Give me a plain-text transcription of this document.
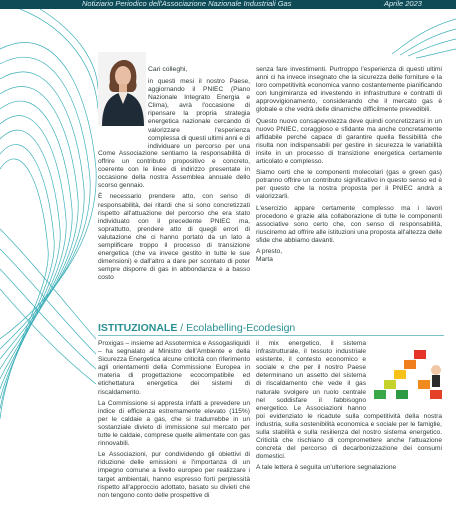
Notiziario Periodico dell'Associazione Nazionale Industriali Gas	Aprile 2023
Cari colleghi,

in questi mesi il nostro Paese, aggiornando il PNIEC (Piano Nazionale Integrato Energia e Clima), avrà l'occasione di ripensare la propria strategia energetica nazionale cercando di valorizzare l'esperienza complessa di questi ultimi anni e di individuare un percorso per una

Come Associazione sentiamo la responsabilità di offrire un contributo propositivo e concreto, coerente con le linee di indirizzo presentate in occasione della nostra Assemblea annuale dello scorso gennaio.

È necessario prendere atto, con senso di responsabilità, dei ritardi che si sono concretizzati rispetto all'attuazione del percorso che era stato individuato con il precedente PNIEC ma, soprattutto, prendere atto di quegli errori di valutazione che ci hanno portato da un lato a semplificare troppo il processo di transizione energetica (che va invece gestito in tutte le sue dimensioni) e dall'altro a dare per scontato di poter sempre disporre di gas in abbondanza e a basso costo

senza fare investimenti. Purtroppo l'esperienza di questi ultimi anni ci ha invece insegnato che la sicurezza delle forniture e la loro competitività economica vanno costantemente pianificando con lungimiranza ed investendo in infrastrutture e contratti di approvvigionamento, considerando che il mercato gas è globale e che vedrà delle dinamiche difficilmente prevedibili.

Questo nuovo consapevolezza deve quindi concretizzarsi in un nuovo PNIEC, coraggioso e sfidante ma anche concretamente affidabile perché capace di garantire quella flessibilità che risulta non indispensabili per gestire in sicurezza le variabilità insite in un processo di transizione energetica certamente articolato e complesso.

Siamo certi che le componenti molecolari (gas e green gas) potranno offrire un contributo significativo in questo senso ed è per questo che la nostra proposta per il PNIEC andrà a valorizzarli.

L'esercizio appare certamente complesso ma i lavori procedono e grazie alla collaborazione di tutte le componenti associative sono certo che, con senso di responsabilità, riusciremo ad offrire alle istituzioni una proposta all'altezza delle sfide che abbiamo davanti.

A presto,

Marta

ISTITUZIONALE / Ecolabelling-Ecodesign

Proxigas – insieme ad Assotermica e Assogasliquidi – ha segnalato al Ministro dell'Ambiente e della Sicurezza Energetica alcune criticità con riferimento agli orientamenti della Commissione Europea in materia di progettazione ecocompatibile ed etichettatura energetica dei sistemi di riscaldamento.

La Commissione si appresta infatti a prevedere un indice di efficienza estremamente elevato (115%) per le caldaie a gas, che si tradurrebbe in un sostanziale divieto di immissione sul mercato per tutte le caldaie, comprese quelle alimentate con gas rinnovabili.

Le Associazioni, pur condividendo gli obiettivi di riduzione delle emissioni e l'importanza di un impegno comune a livello europeo per realizzare i target ambientali, hanno espresso forti perplessità rispetto all'approccio adottato, basato su divieti che non tengono conto delle prospettive di

il mix energetico, il sistema infrastrutturale, il tessuto industriale esistente, il contesto economico e sociale e che per il nostro Paese determinano un assetto del sistema di riscaldamento che vede il gas naturale svolgere un ruolo centrale nel soddisfare il fabbisogno energetico. Le Associazioni hanno poi evidenziato le ricadute sulla competitività della nostra industria, sulla sostenibilità economica e sociale per le famiglie, sulla stabilità e sulla resilienza del nostro sistema energetico. Criticità che rischiano di compromettere anche l'attuazione concreta del percorso di decarbonizzazione dei consumi domestici.

A tale lettera è seguita un'ulteriore segnalazione
